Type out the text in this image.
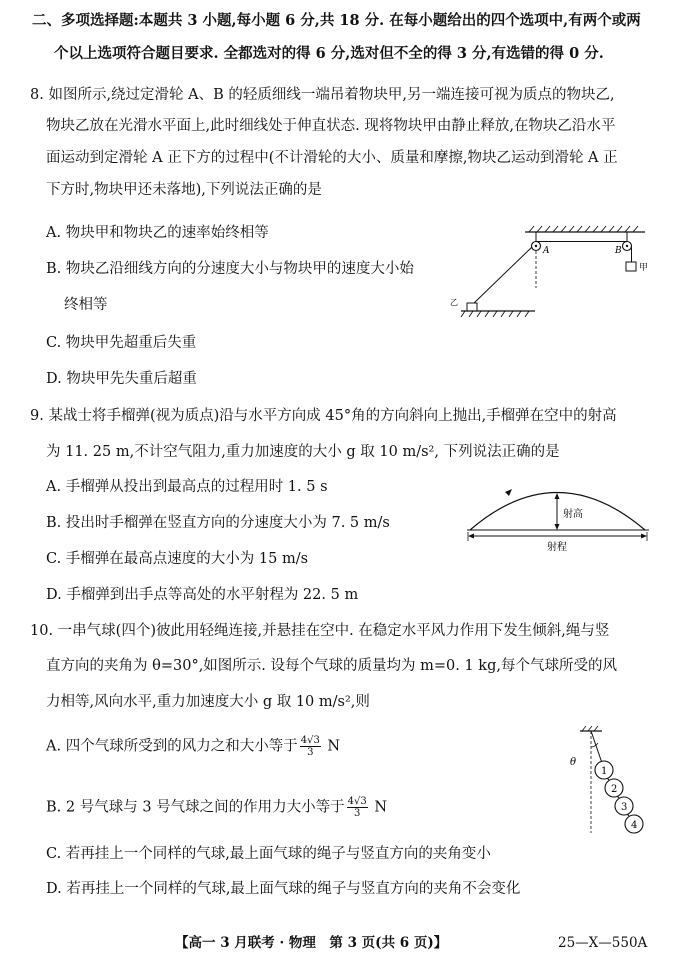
二、多项选择题:本题共 3 小题,每小题 6 分,共 18 分. 在每小题给出的四个选项中,有两个或两
个以上选项符合题目要求. 全都选对的得 6 分,选对但不全的得 3 分,有选错的得 0 分.
8. 如图所示,绕过定滑轮 A、B 的轻质细线一端吊着物块甲,另一端连接可视为质点的物块乙,
物块乙放在光滑水平面上,此时细线处于伸直状态. 现将物块甲由静止释放,在物块乙沿水平
面运动到定滑轮 A 正下方的过程中(不计滑轮的大小、质量和摩擦,物块乙运动到滑轮 A 正
下方时,物块甲还未落地),下列说法正确的是
A. 物块甲和物块乙的速率始终相等
B. 物块乙沿细线方向的分速度大小与物块甲的速度大小始
终相等
C. 物块甲先超重后失重
D. 物块甲先失重后超重
A	B
甲
乙
9. 某战士将手榴弹(视为质点)沿与水平方向成 45°角的方向斜向上抛出,手榴弹在空中的射高
为 11. 25 m,不计空气阻力,重力加速度的大小 g 取 10 m/s², 下列说法正确的是
A. 手榴弹从投出到最高点的过程用时 1. 5 s
B. 投出时手榴弹在竖直方向的分速度大小为 7. 5 m/s
C. 手榴弹在最高点速度的大小为 15 m/s
D. 手榴弹到出手点等高处的水平射程为 22. 5 m
射高
射程
10. 一串气球(四个)彼此用轻绳连接,并悬挂在空中. 在稳定水平风力作用下发生倾斜,绳与竖
直方向的夹角为 θ=30°,如图所示. 设每个气球的质量均为 m=0. 1 kg,每个气球所受的风
力相等,风向水平,重力加速度大小 g 取 10 m/s²,则
A. 四个气球所受到的风力之和大小等于 $\frac{4√3}{3}$ N
B. 2 号气球与 3 号气球之间的作用力大小等于 $\frac{4√3}{3}$ N
C. 若再挂上一个同样的气球,最上面气球的绳子与竖直方向的夹角变小
D. 若再挂上一个同样的气球,最上面气球的绳子与竖直方向的夹角不会变化
θ
1
2
3
4
【高一 3 月联考 · 物理　第 3 页(共 6 页)】	25—X—550A
